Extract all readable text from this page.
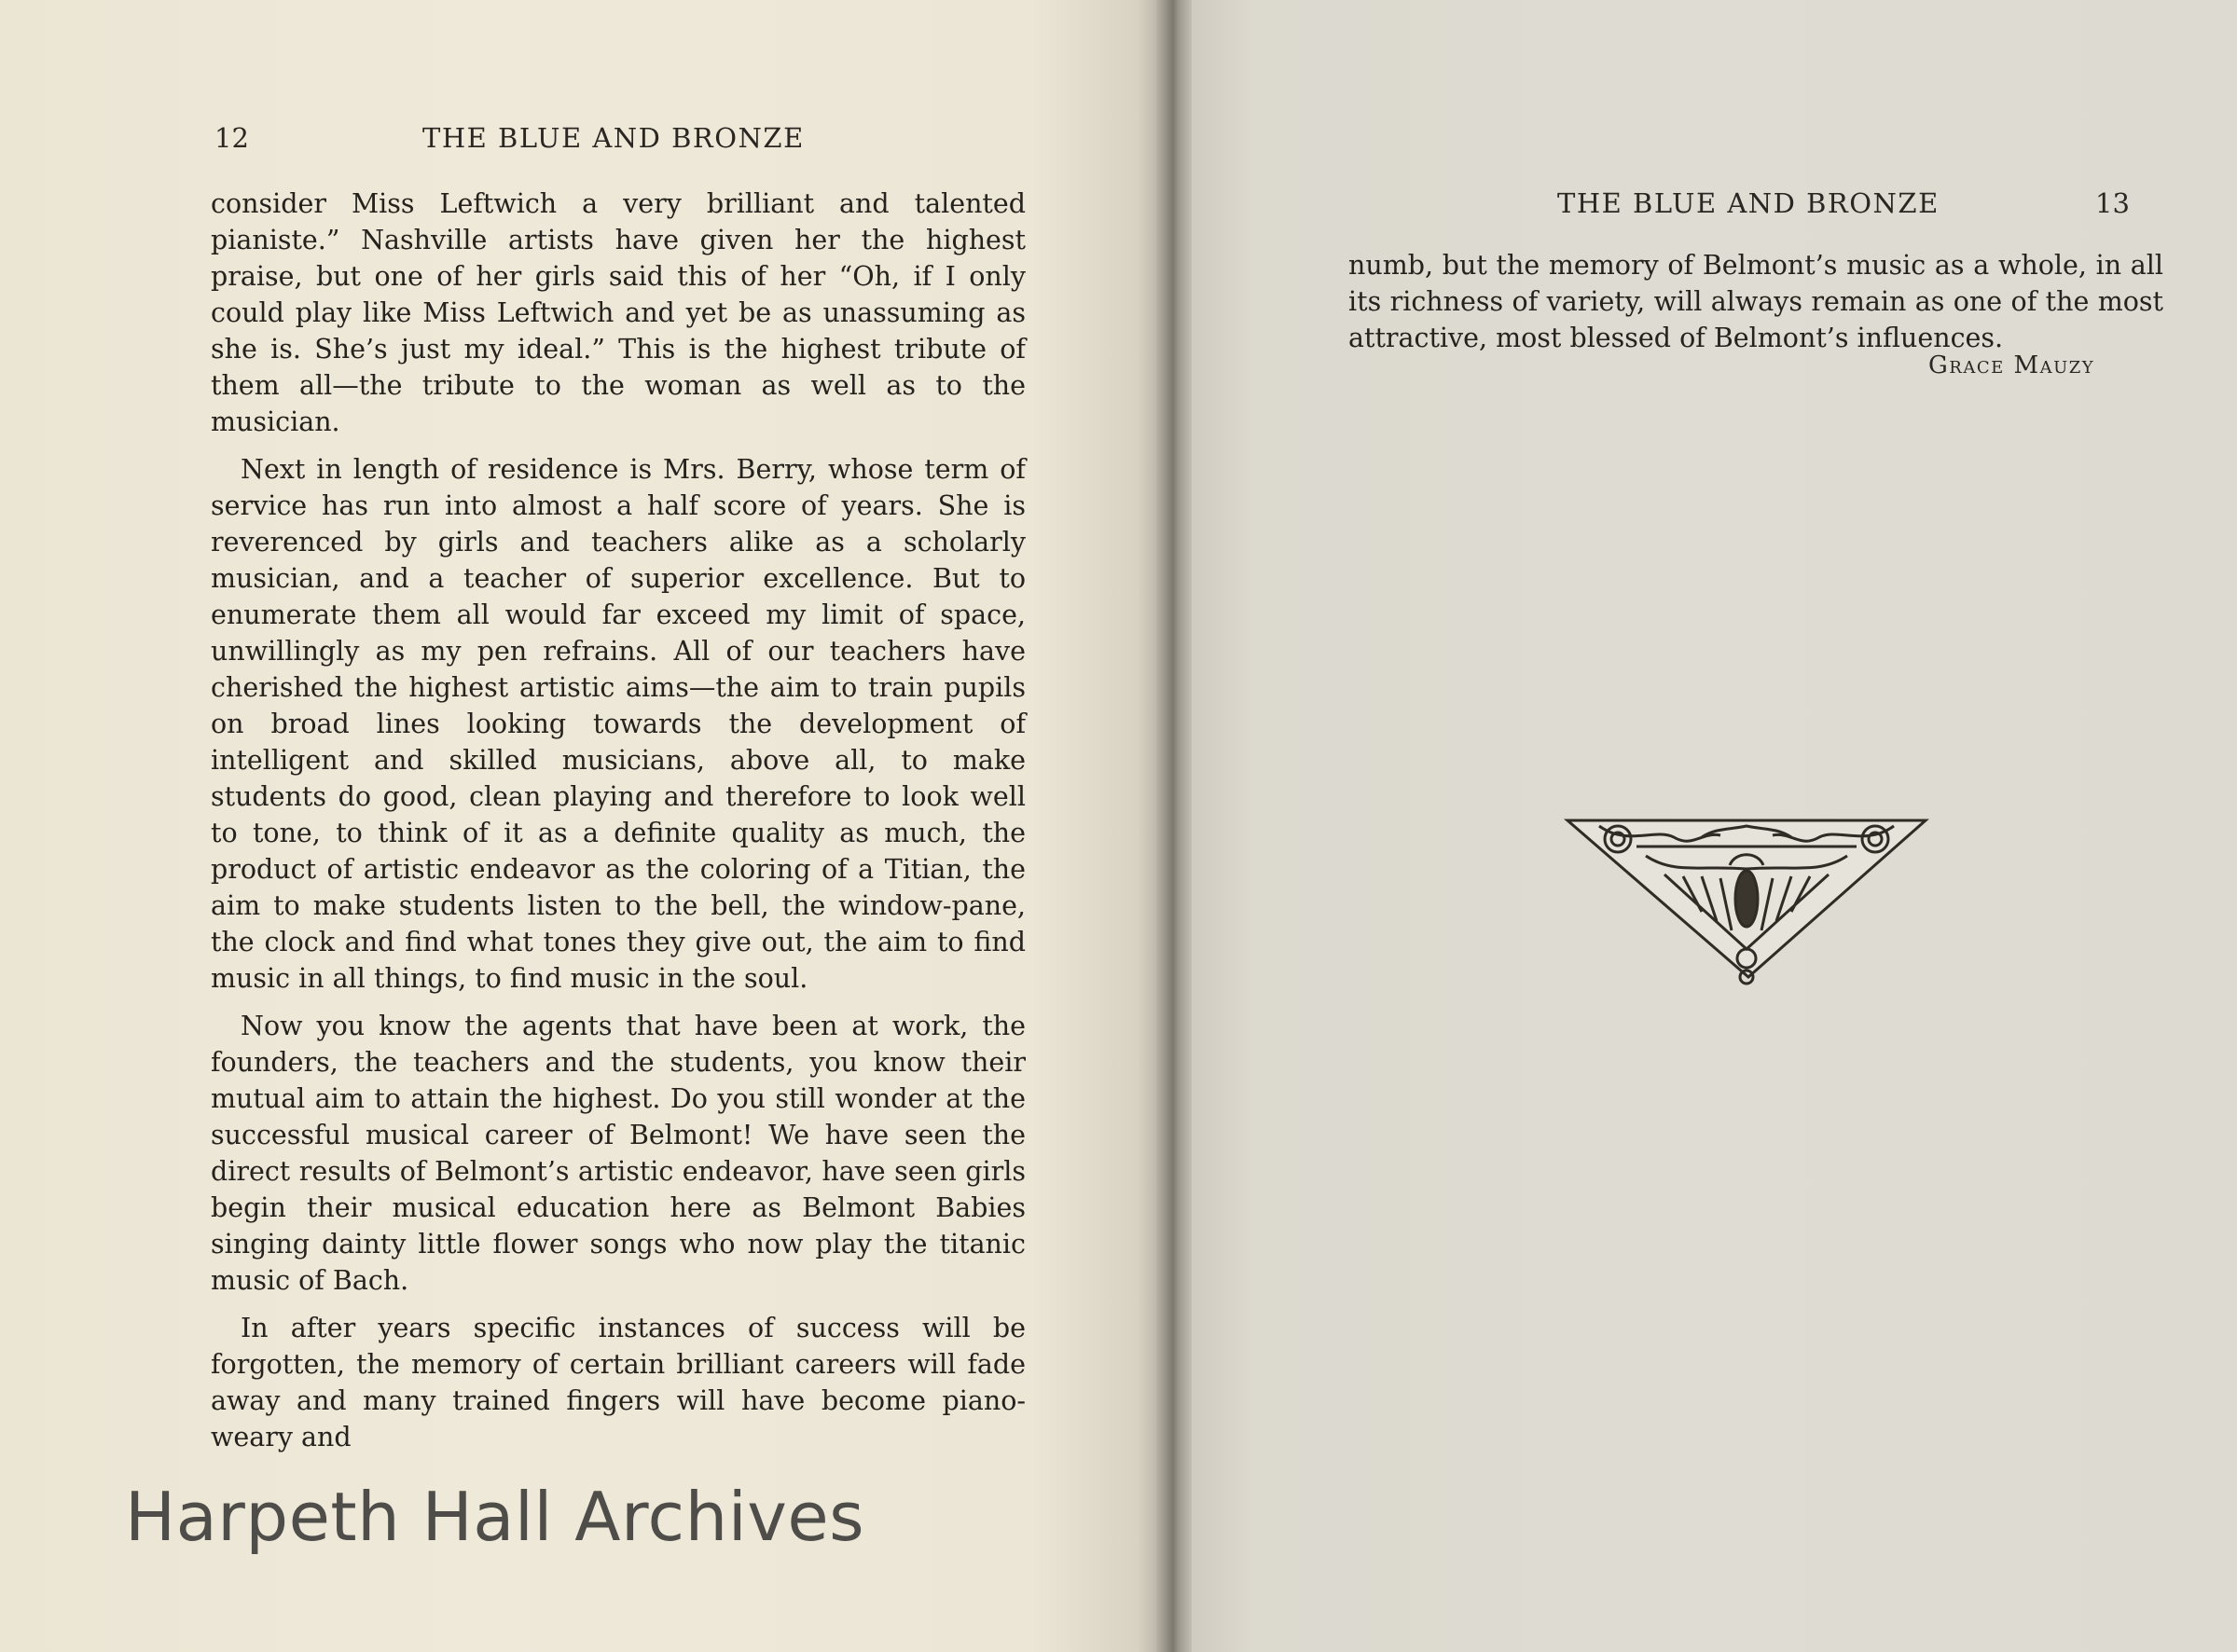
12	THE BLUE AND BRONZE

consider Miss Leftwich a very brilliant and talented pianiste.” Nashville artists have given her the highest praise, but one of her girls said this of her “Oh, if I only could play like Miss Leftwich and yet be as unassuming as she is. She’s just my ideal.” This is the highest tribute of them all—the tribute to the woman as well as to the musician.

Next in length of residence is Mrs. Berry, whose term of service has run into almost a half score of years. She is reverenced by girls and teachers alike as a scholarly musician, and a teacher of superior excellence. But to enumerate them all would far exceed my limit of space, unwillingly as my pen refrains. All of our teachers have cherished the highest artistic aims—the aim to train pupils on broad lines looking towards the development of intelligent and skilled musicians, above all, to make students do good, clean playing and therefore to look well to tone, to think of it as a definite quality as much, the product of artistic endeavor as the coloring of a Titian, the aim to make students listen to the bell, the window-pane, the clock and find what tones they give out, the aim to find music in all things, to find music in the soul.

Now you know the agents that have been at work, the founders, the teachers and the students, you know their mutual aim to attain the highest. Do you still wonder at the successful musical career of Belmont! We have seen the direct results of Belmont’s artistic endeavor, have seen girls begin their musical education here as Belmont Babies singing dainty little flower songs who now play the titanic music of Bach.

In after years specific instances of success will be forgotten, the memory of certain brilliant careers will fade away and many trained fingers will have become piano-weary and

Harpeth Hall Archives
THE BLUE AND BRONZE	13

numb, but the memory of Belmont’s music as a whole, in all its richness of variety, will always remain as one of the most attractive, most blessed of Belmont’s influences.

Grace Mauzy
